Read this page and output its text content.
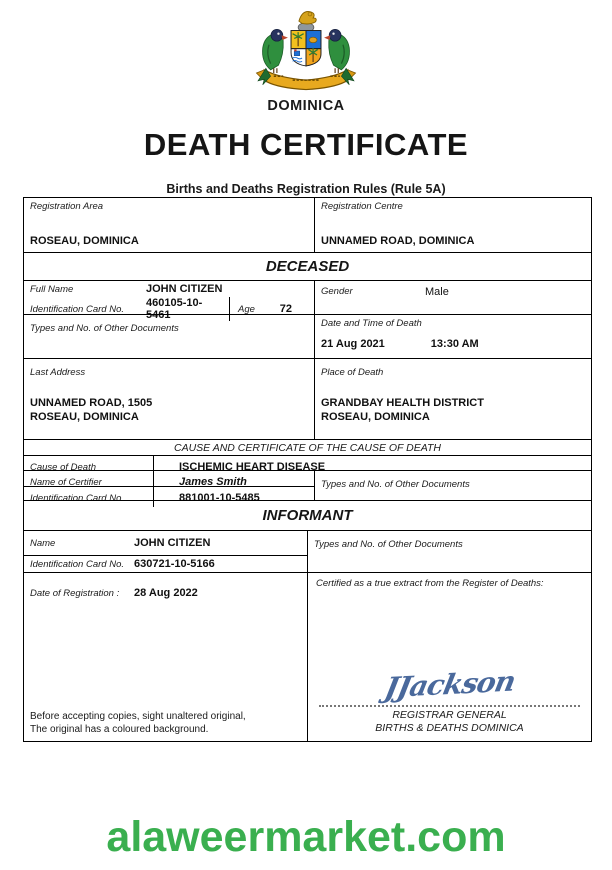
DOMINICA
DEATH CERTIFICATE
Births and Deaths Registration Rules (Rule 5A)
Registration Area
ROSEAU, DOMINICA
Registration Centre
UNNAMED ROAD, DOMINICA
DECEASED
Full Name	JOHN CITIZEN
Identification Card No.	460105-10-5461	Age 72
Gender	Male
Types and No. of Other Documents	Date and Time of Death
21 Aug 2021	13:30 AM
Last Address
UNNAMED ROAD, 1505
ROSEAU, DOMINICA
Place of Death
GRANDBAY HEALTH DISTRICT
ROSEAU, DOMINICA
CAUSE AND CERTIFICATE OF THE CAUSE OF DEATH
Cause of Death	ISCHEMIC HEART DISEASE
Name of Certifier	James Smith
Identification Card No.	881001-10-5485
Types and No. of Other Documents
INFORMANT
Name	JOHN CITIZEN
Identification Card No. 630721-10-5166
Types and No. of Other Documents
Date of Registration :	28 Aug 2022
Before accepting copies, sight unaltered original,
The original has a coloured background.
Certified as a true extract from the Register of Deaths:
JJackson
REGISTRAR GENERAL
BIRTHS & DEATHS DOMINICA
alaweermarket.com
